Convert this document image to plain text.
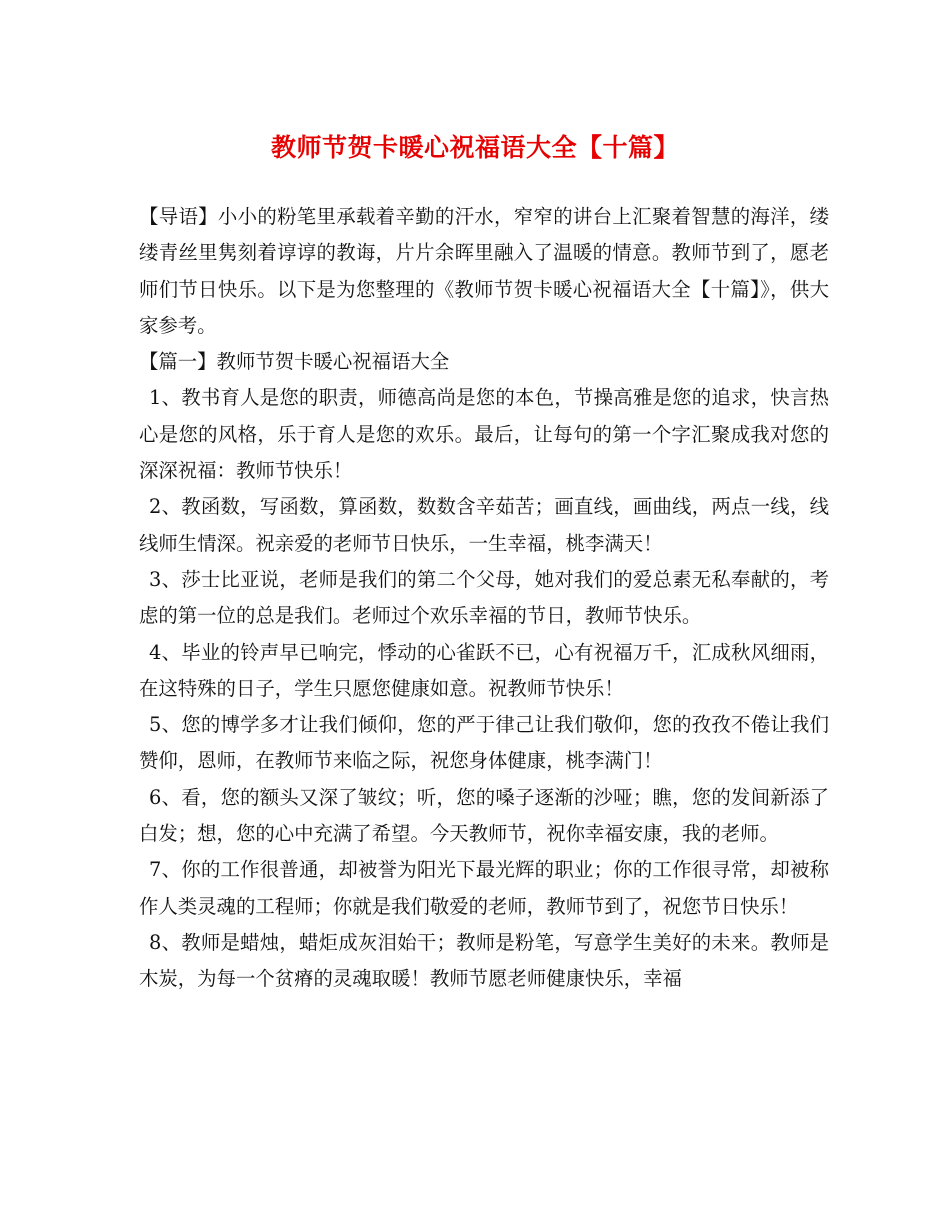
教师节贺卡暖心祝福语大全【十篇】

【导语】小小的粉笔里承载着辛勤的汗水，窄窄的讲台上汇聚着智慧的海洋，缕缕青丝里隽刻着谆谆的教诲，片片余晖里融入了温暖的情意。教师节到了，愿老师们节日快乐。以下是为您整理的《教师节贺卡暖心祝福语大全【十篇】》，供大家参考。

【篇一】教师节贺卡暖心祝福语大全

1、教书育人是您的职责，师德高尚是您的本色，节操高雅是您的追求，快言热心是您的风格，乐于育人是您的欢乐。最后，让每句的第一个字汇聚成我对您的深深祝福：教师节快乐！

2、教函数，写函数，算函数，数数含辛茹苦；画直线，画曲线，两点一线，线线师生情深。祝亲爱的老师节日快乐，一生幸福，桃李满天！

3、莎士比亚说，老师是我们的第二个父母，她对我们的爱总素无私奉献的，考虑的第一位的总是我们。老师过个欢乐幸福的节日，教师节快乐。

4、毕业的铃声早已响完，悸动的心雀跃不已，心有祝福万千，汇成秋风细雨，在这特殊的日子，学生只愿您健康如意。祝教师节快乐！

5、您的博学多才让我们倾仰，您的严于律己让我们敬仰，您的孜孜不倦让我们赞仰，恩师，在教师节来临之际，祝您身体健康，桃李满门！

6、看，您的额头又深了皱纹；听，您的嗓子逐渐的沙哑；瞧，您的发间新添了白发；想，您的心中充满了希望。今天教师节，祝你幸福安康，我的老师。

7、你的工作很普通，却被誉为阳光下最光辉的职业；你的工作很寻常，却被称作人类灵魂的工程师；你就是我们敬爱的老师，教师节到了，祝您节日快乐！

8、教师是蜡烛，蜡炬成灰泪始干；教师是粉笔，写意学生美好的未来。教师是木炭，为每一个贫瘠的灵魂取暖！教师节愿老师健康快乐，幸福
